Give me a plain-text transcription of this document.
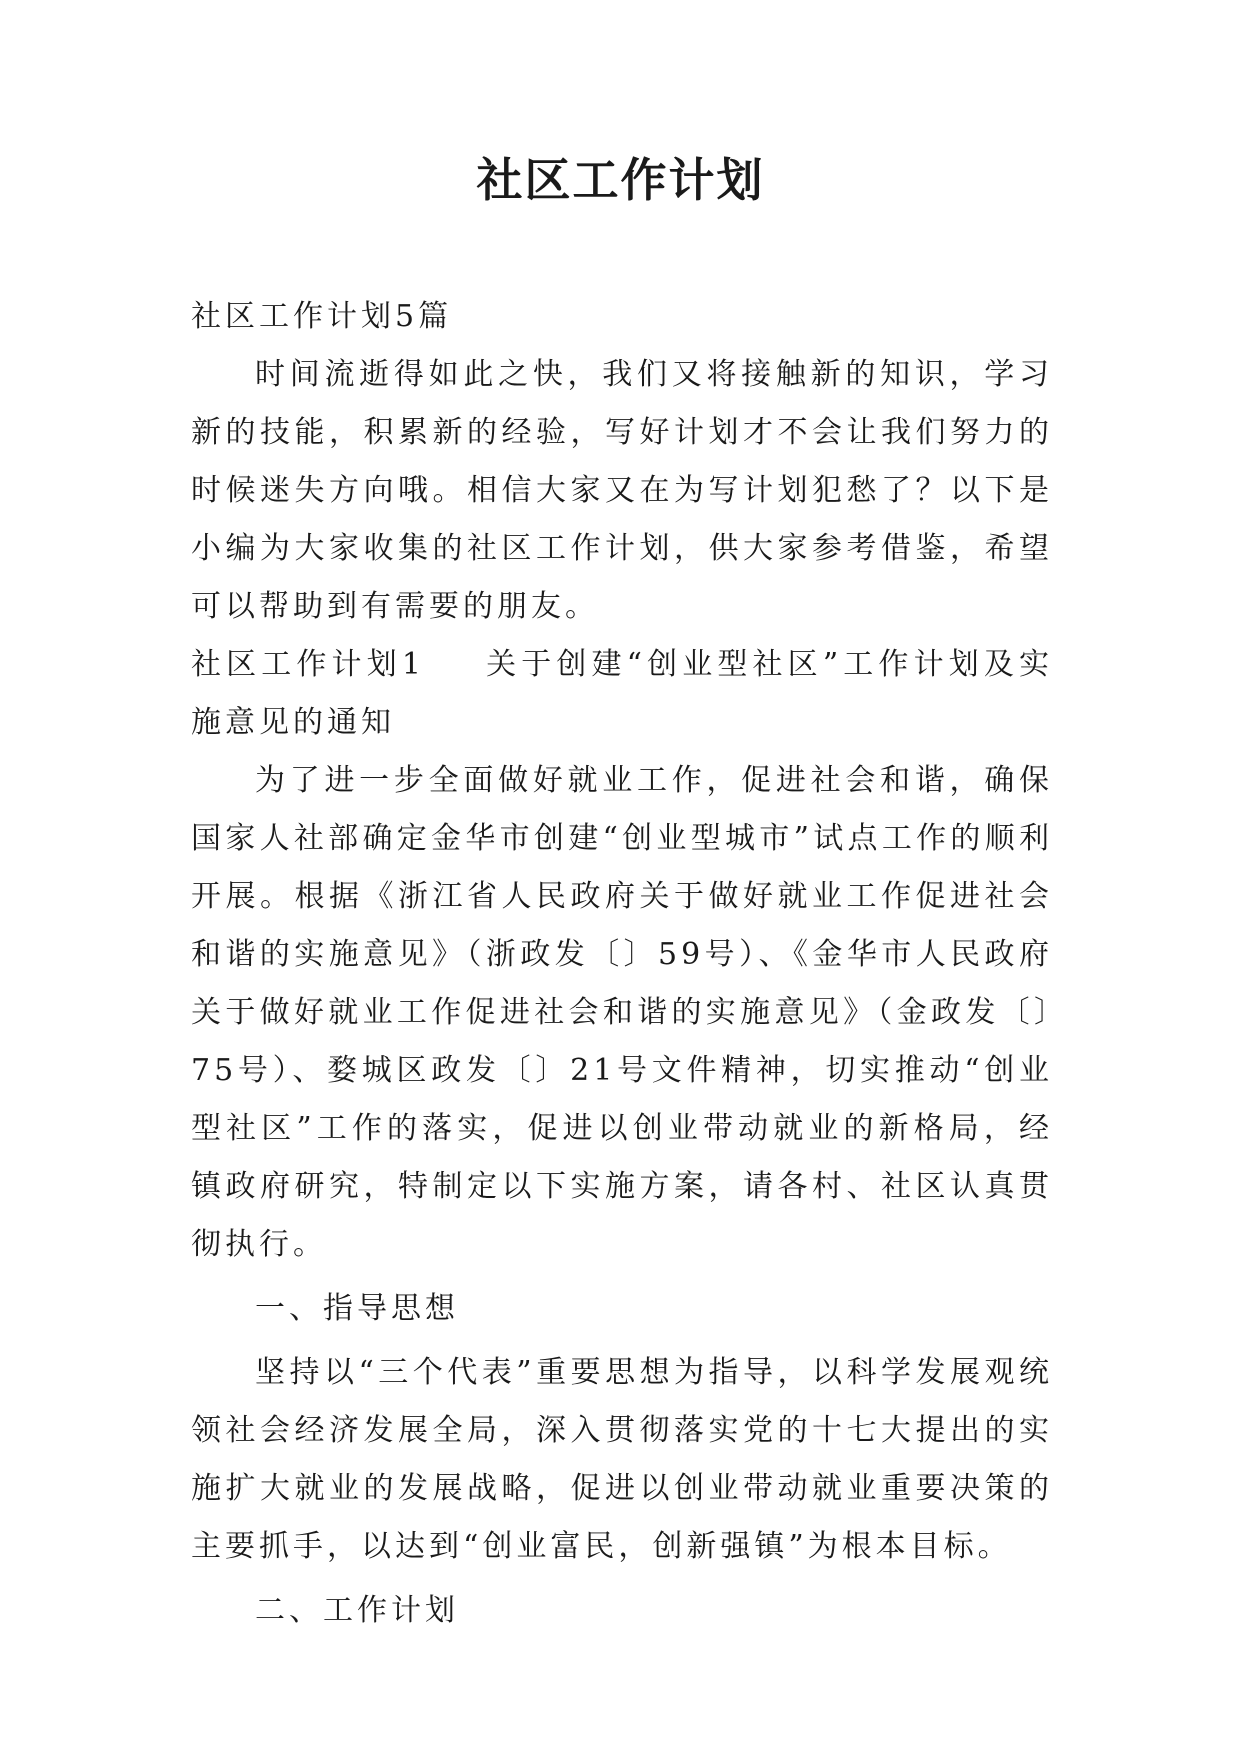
社区工作计划

社区工作计划5篇

时间流逝得如此之快，我们又将接触新的知识，学习新的技能，积累新的经验，写好计划才不会让我们努力的时候迷失方向哦。相信大家又在为写计划犯愁了？以下是小编为大家收集的社区工作计划，供大家参考借鉴，希望可以帮助到有需要的朋友。

社区工作计划1 关于创建“创业型社区”工作计划及实施意见的通知

为了进一步全面做好就业工作，促进社会和谐，确保国家人社部确定金华市创建“创业型城市”试点工作的顺利开展。根据《浙江省人民政府关于做好就业工作促进社会和谐的实施意见》（浙政发〔〕59号）、《金华市人民政府关于做好就业工作促进社会和谐的实施意见》（金政发〔〕75号）、婺城区政发〔〕21号文件精神，切实推动“创业型社区”工作的落实，促进以创业带动就业的新格局，经镇政府研究，特制定以下实施方案，请各村、社区认真贯彻执行。

一、指导思想

坚持以“三个代表”重要思想为指导，以科学发展观统领社会经济发展全局，深入贯彻落实党的十七大提出的实施扩大就业的发展战略，促进以创业带动就业重要决策的主要抓手，以达到“创业富民，创新强镇”为根本目标。

二、工作计划
